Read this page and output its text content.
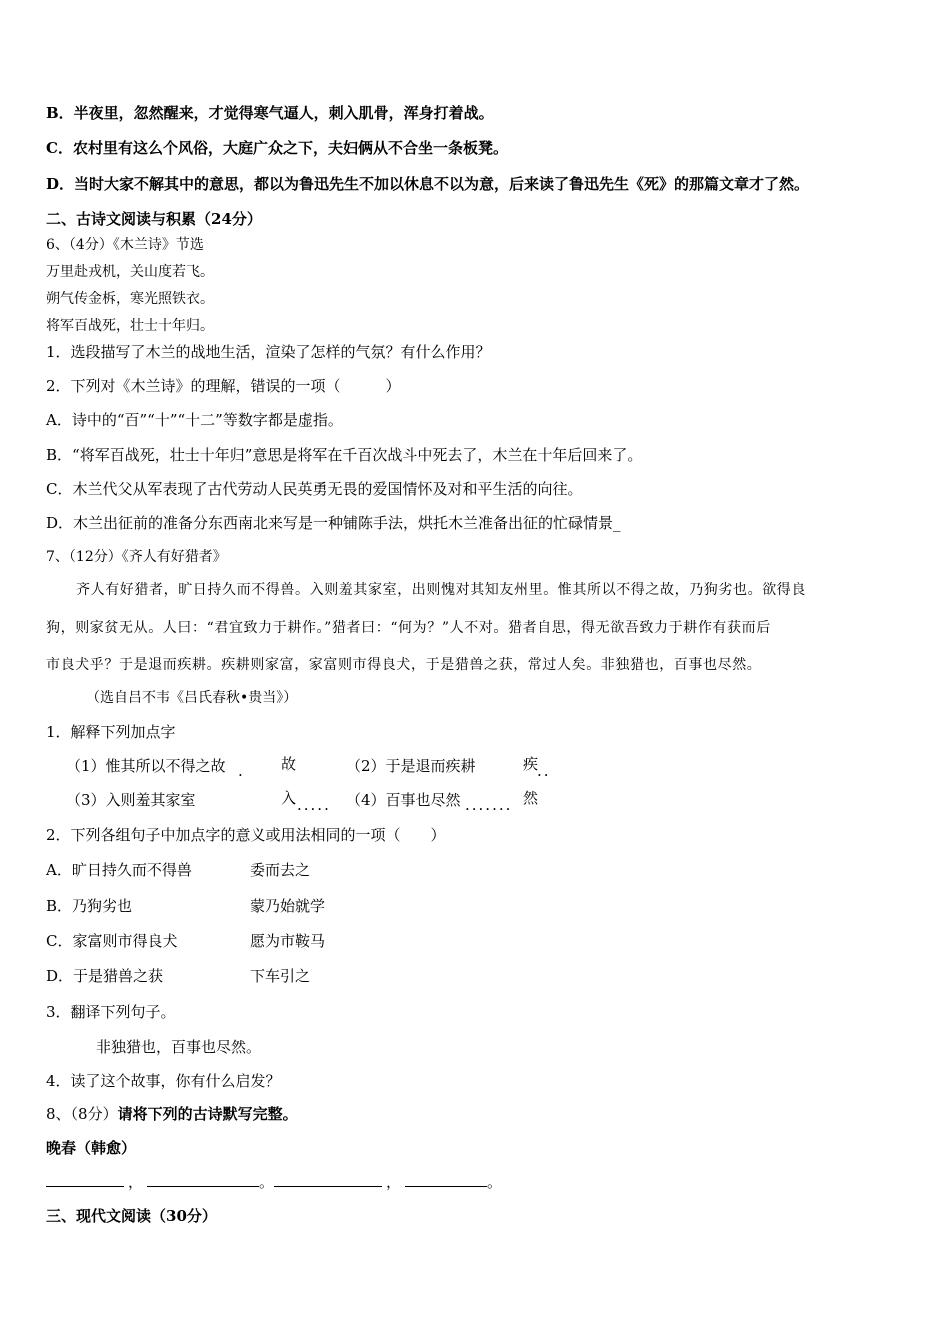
B．半夜里，忽然醒来，才觉得寒气逼人，刺入肌骨，浑身打着战。
C．农村里有这么个风俗，大庭广众之下，夫妇俩从不合坐一条板凳。
D．当时大家不解其中的意思，都以为鲁迅先生不加以休息不以为意，后来读了鲁迅先生《死》的那篇文章才了然。
二、古诗文阅读与积累（24分）
6、（4分）《木兰诗》节选
万里赴戎机，关山度若飞。
朔气传金柝，寒光照铁衣。
将军百战死，壮士十年归。
1．选段描写了木兰的战地生活，渲染了怎样的气氛？有什么作用？
2．下列对《木兰诗》的理解，错误的一项（　　　）
A．诗中的“百”“十”“十二”等数字都是虚指。
B．“将军百战死，壮士十年归”意思是将军在千百次战斗中死去了，木兰在十年后回来了。
C．木兰代父从军表现了古代劳动人民英勇无畏的爱国情怀及对和平生活的向往。
D．木兰出征前的准备分东西南北来写是一种铺陈手法，烘托木兰准备出征的忙碌情景_
7、（12分）《齐人有好猎者》
齐人有好猎者，旷日持久而不得兽。入则羞其家室，出则愧对其知友州里。惟其所以不得之故，乃狗劣也。欲得良
狗，则家贫无从。人曰：“君宜致力于耕作。”猎者曰：“何为？”人不对。猎者自思，得无欲吾致力于耕作有获而后
市良犬乎？于是退而疾耕。疾耕则家富，家富则市得良犬，于是猎兽之获，常过人矣。非独猎也，百事也尽然。
（选自吕不韦《吕氏春秋•贵当》）
1．解释下列加点字
（1）惟其所以不得之故 . 故	（2）于是退而疾耕	疾
..
（3）入则羞其家室	入 ..... （4）百事也尽然 ....... 然
2．下列各组句子中加点字的意义或用法相同的一项（　　）
A．旷日持久而不得兽	委而去之
B．乃狗劣也	蒙乃始就学
C．家富则市得良犬	愿为市鞍马
D．于是猎兽之获	下车引之
3．翻译下列句子。
非独猎也，百事也尽然。
4．读了这个故事，你有什么启发？
8、（8分）请将下列的古诗默写完整。
晚春（韩愈）
，	。	，	。
三、现代文阅读（30分）
